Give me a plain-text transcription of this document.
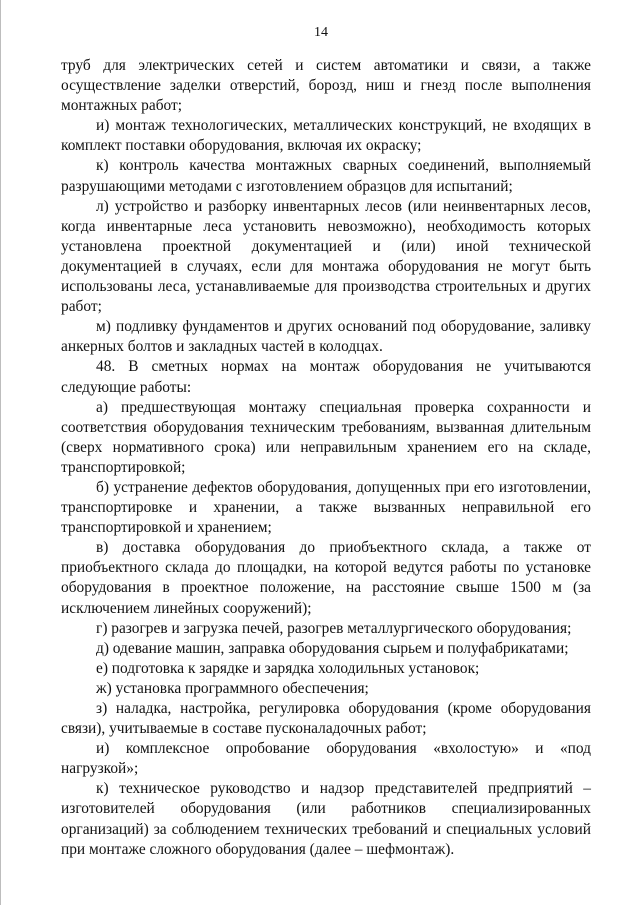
14

труб для электрических сетей и систем автоматики и связи, а также осуществление заделки отверстий, борозд, ниш и гнезд после выполнения монтажных работ;

и) монтаж технологических, металлических конструкций, не входящих в комплект поставки оборудования, включая их окраску;

к) контроль качества монтажных сварных соединений, выполняемый разрушающими методами с изготовлением образцов для испытаний;

л) устройство и разборку инвентарных лесов (или неинвентарных лесов, когда инвентарные леса установить невозможно), необходимость которых установлена проектной документацией и (или) иной технической документацией в случаях, если для монтажа оборудования не могут быть использованы леса, устанавливаемые для производства строительных и других работ;

м) подливку фундаментов и других оснований под оборудование, заливку анкерных болтов и закладных частей в колодцах.

48. В сметных нормах на монтаж оборудования не учитываются следующие работы:

а) предшествующая монтажу специальная проверка сохранности и соответствия оборудования техническим требованиям, вызванная длительным (сверх нормативного срока) или неправильным хранением его на складе, транспортировкой;

б) устранение дефектов оборудования, допущенных при его изготовлении, транспортировке и хранении, а также вызванных неправильной его транспортировкой и хранением;

в) доставка оборудования до приобъектного склада, а также от приобъектного склада до площадки, на которой ведутся работы по установке оборудования в проектное положение, на расстояние свыше 1500 м (за исключением линейных сооружений);

г) разогрев и загрузка печей, разогрев металлургического оборудования;

д) одевание машин, заправка оборудования сырьем и полуфабрикатами;

е) подготовка к зарядке и зарядка холодильных установок;

ж) установка программного обеспечения;

з) наладка, настройка, регулировка оборудования (кроме оборудования связи), учитываемые в составе пусконаладочных работ;

и) комплексное опробование оборудования «вхолостую» и «под нагрузкой»;

к) техническое руководство и надзор представителей предприятий – изготовителей оборудования (или работников специализированных организаций) за соблюдением технических требований и специальных условий при монтаже сложного оборудования (далее – шефмонтаж).
